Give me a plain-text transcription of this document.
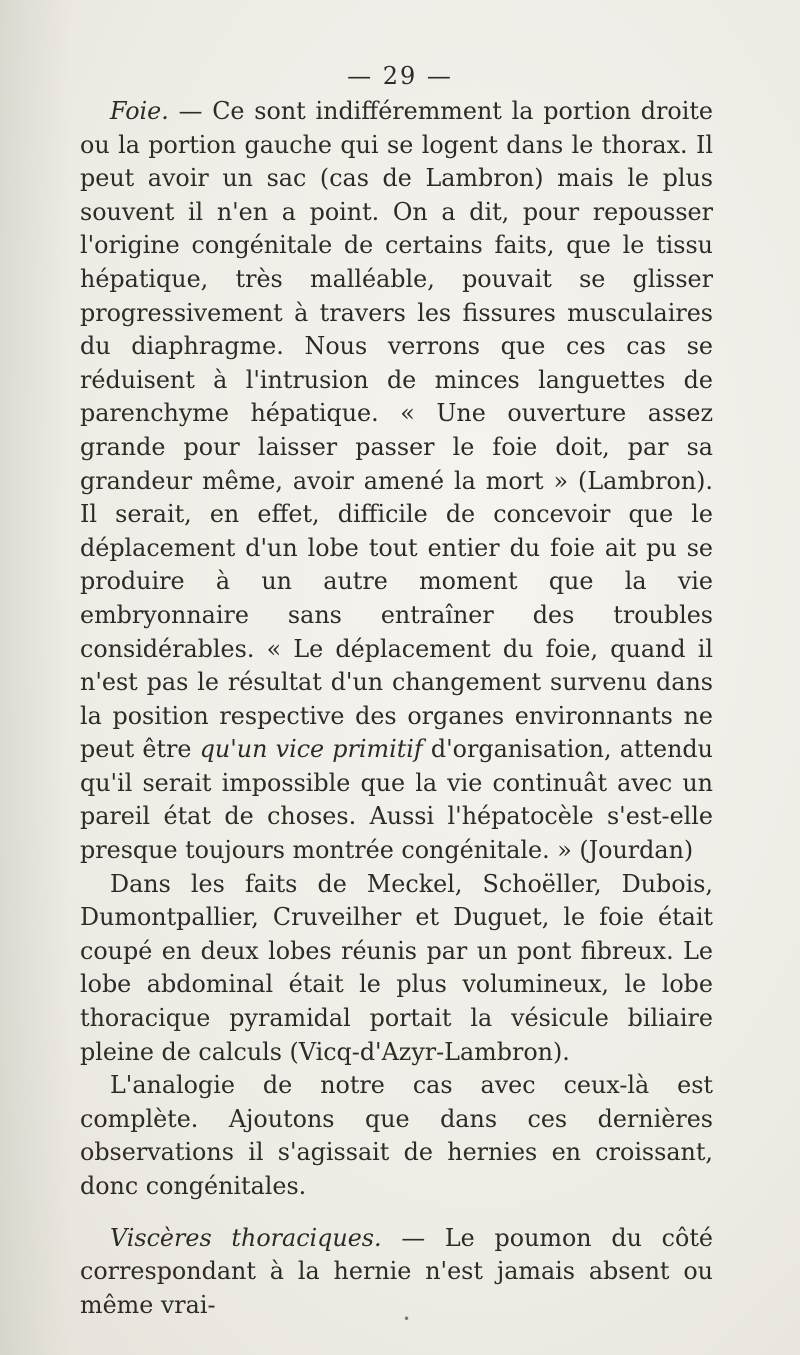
— 29 —

Foie. — Ce sont indifféremment la portion droite ou la portion gauche qui se logent dans le thorax. Il peut avoir un sac (cas de Lambron) mais le plus souvent il n'en a point. On a dit, pour repousser l'origine congénitale de certains faits, que le tissu hépatique, très malléable, pouvait se glisser progressivement à travers les fissures musculaires du diaphragme. Nous verrons que ces cas se réduisent à l'intrusion de minces languettes de parenchyme hépatique. « Une ouverture assez grande pour laisser passer le foie doit, par sa grandeur même, avoir amené la mort » (Lambron). Il serait, en effet, difficile de concevoir que le déplacement d'un lobe tout entier du foie ait pu se produire à un autre moment que la vie embryonnaire sans entraîner des troubles considérables. « Le déplacement du foie, quand il n'est pas le résultat d'un changement survenu dans la position respective des organes environnants ne peut être qu'un vice primitif d'organisation, attendu qu'il serait impossible que la vie continuât avec un pareil état de choses. Aussi l'hépatocèle s'est-elle presque toujours montrée congénitale. » (Jourdan)

Dans les faits de Meckel, Schoëller, Dubois, Dumontpallier, Cruveilher et Duguet, le foie était coupé en deux lobes réunis par un pont fibreux. Le lobe abdominal était le plus volumineux, le lobe thoracique pyramidal portait la vésicule biliaire pleine de calculs (Vicq-d'Azyr-Lambron).

L'analogie de notre cas avec ceux-là est complète. Ajoutons que dans ces dernières observations il s'agissait de hernies en croissant, donc congénitales.

Viscères thoraciques. — Le poumon du côté correspondant à la hernie n'est jamais absent ou même vrai-

•
